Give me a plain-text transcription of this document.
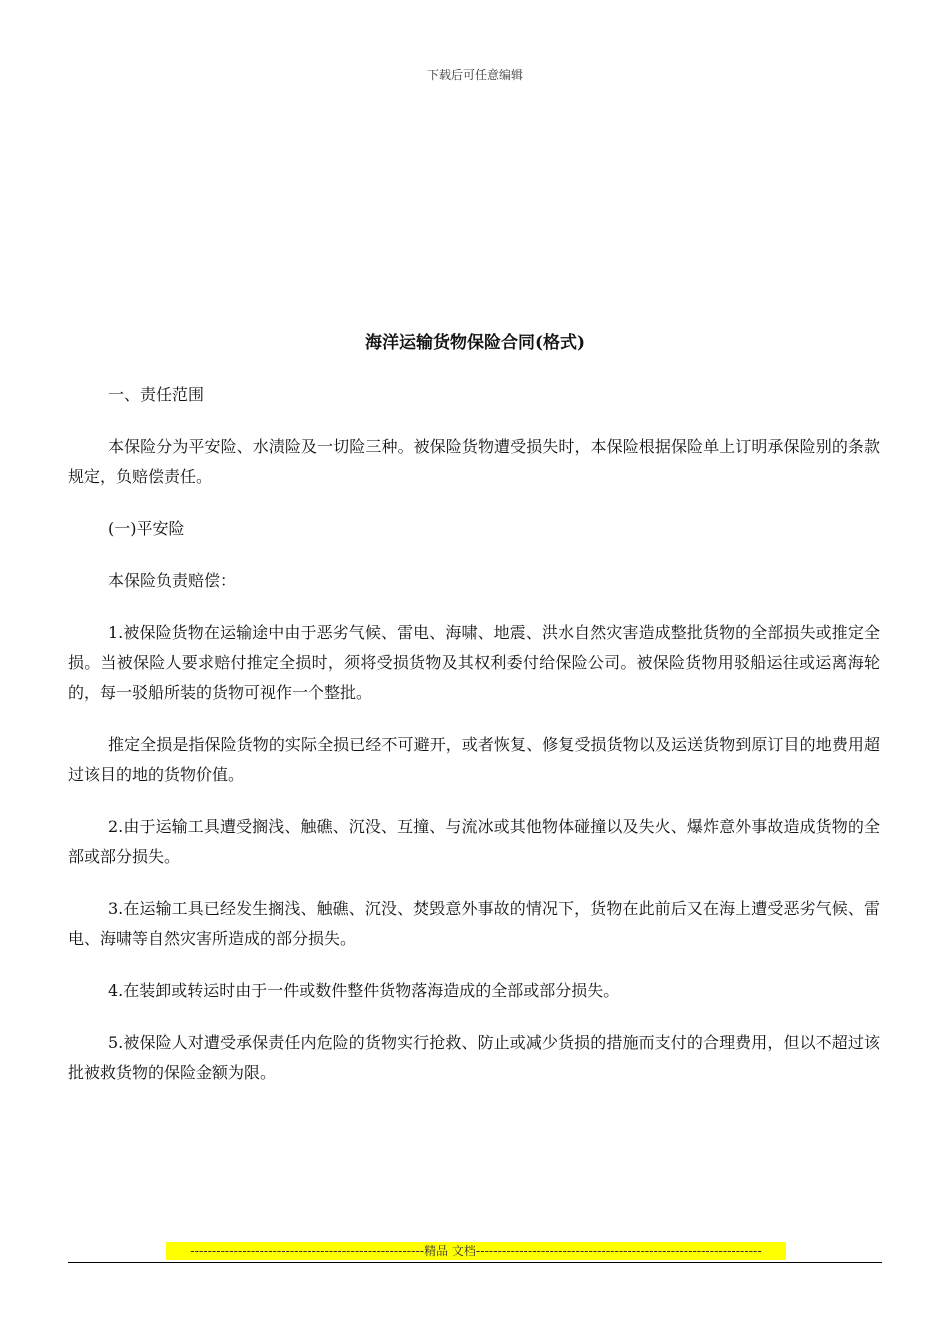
下载后可任意编辑
海洋运输货物保险合同(格式)

一、责任范围

本保险分为平安险、水渍险及一切险三种。被保险货物遭受损失时，本保险根据保险单上订明承保险别的条款规定，负赔偿责任。

(一)平安险

本保险负责赔偿：

1.被保险货物在运输途中由于恶劣气候、雷电、海啸、地震、洪水自然灾害造成整批货物的全部损失或推定全损。当被保险人要求赔付推定全损时，须将受损货物及其权利委付给保险公司。被保险货物用驳船运往或运离海轮的，每一驳船所装的货物可视作一个整批。

推定全损是指保险货物的实际全损已经不可避开，或者恢复、修复受损货物以及运送货物到原订目的地费用超过该目的地的货物价值。

2.由于运输工具遭受搁浅、触礁、沉没、互撞、与流冰或其他物体碰撞以及失火、爆炸意外事故造成货物的全部或部分损失。

3.在运输工具已经发生搁浅、触礁、沉没、焚毁意外事故的情况下，货物在此前后又在海上遭受恶劣气候、雷电、海啸等自然灾害所造成的部分损失。

4.在装卸或转运时由于一件或数件整件货物落海造成的全部或部分损失。

5.被保险人对遭受承保责任内危险的货物实行抢救、防止或减少货损的措施而支付的合理费用，但以不超过该批被救货物的保险金额为限。

------------------------------------------------------精品 文档------------------------------------------------------------------
